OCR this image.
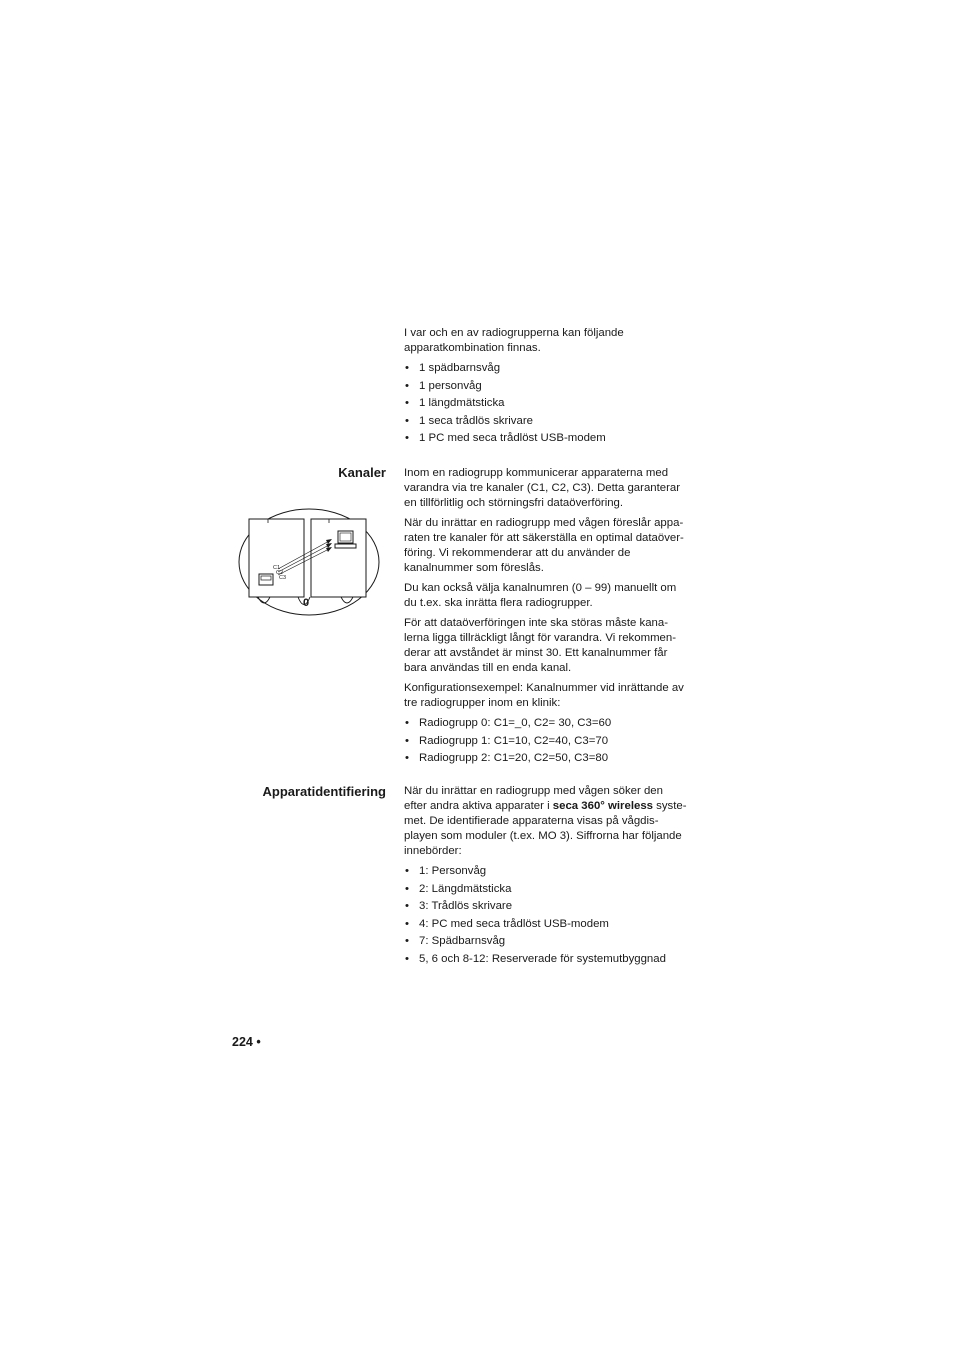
I var och en av radiogrupperna kan följande
apparatkombination finnas.

• 1 spädbarnsvåg
• 1 personvåg
• 1 längdmätsticka
• 1 seca trådlös skrivare
• 1 PC med seca trådlöst USB-modem
Kanaler Inom en radiogrupp kommunicerar apparaterna med
varandra via tre kanaler (C1, C2, C3). Detta garanterar
en tillförlitlig och störningsfri dataöverföring.

När du inrättar en radiogrupp med vågen föreslår appa-
raten tre kanaler för att säkerställa en optimal dataöver-
föring. Vi rekommenderar att du använder de
kanalnummer som föreslås.

Du kan också välja kanalnumren (0 – 99) manuellt om
du t.ex. ska inrätta flera radiogrupper.

För att dataöverföringen inte ska störas måste kana-
lerna ligga tillräckligt långt för varandra. Vi rekommen-
derar att avståndet är minst 30. Ett kanalnummer får
bara användas till en enda kanal.

Konfigurationsexempel: Kanalnummer vid inrättande av
tre radiogrupper inom en klinik:

• Radiogrupp 0: C1=_0, C2= 30, C3=60
• Radiogrupp 1: C1=10, C2=40, C3=70
• Radiogrupp 2: C1=20, C2=50, C3=80
C1
C2
C3
0
Apparatidentifiering När du inrättar en radiogrupp med vågen söker den
efter andra aktiva apparater i seca 360° wireless syste-
met. De identifierade apparaterna visas på vågdis-
playen som moduler (t.ex. MO 3). Siffrorna har följande
innebörder:

• 1: Personvåg
• 2: Längdmätsticka
• 3: Trådlös skrivare
• 4: PC med seca trådlöst USB-modem
• 7: Spädbarnsvåg
• 5, 6 och 8-12: Reserverade för systemutbyggnad
224 •
